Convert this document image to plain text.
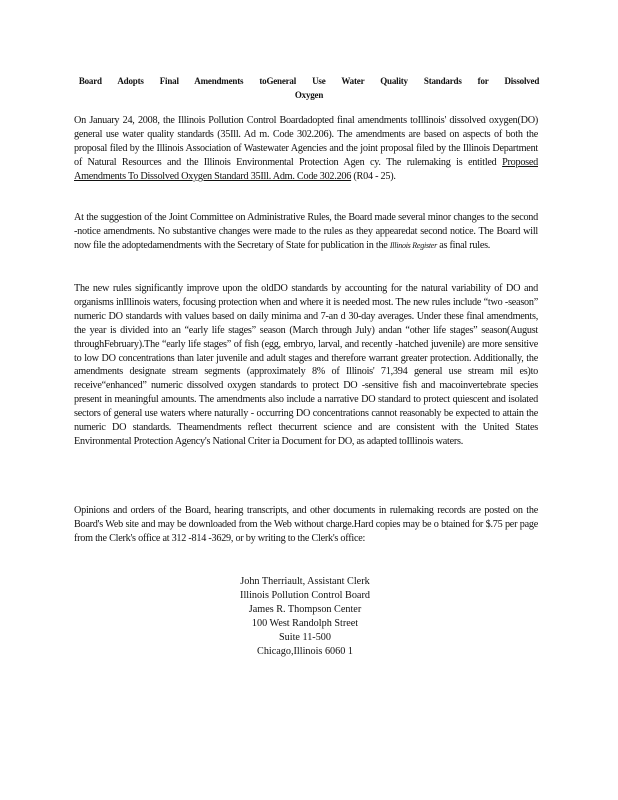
Board Adopts Final Amendments toGeneral Use Water Quality Standards for Dissolved Oxygen

On January 24, 2008, the Illinois Pollution Control Boardadopted final amendments toIllinois' dissolved oxygen(DO) general use water quality standards (35Ill. Ad m. Code 302.206). The amendments are based on aspects of both the proposal filed by the Illinois Association of Wastewater Agencies and the joint proposal filed by the Illinois Department of Natural Resources and the Illinois Environmental Protection Agen cy. The rulemaking is entitled Proposed Amendments To Dissolved Oxygen Standard 35Ill. Adm. Code 302.206 (R04 - 25).

At the suggestion of the Joint Committee on Administrative Rules, the Board made several minor changes to the second -notice amendments. No substantive changes were made to the rules as they appearedat second notice. The Board will now file the adoptedamendments with the Secretary of State for publication in the Illinois Register as final rules.

The new rules significantly improve upon the oldDO standards by accounting for the natural variability of DO and organisms inIllinois waters, focusing protection when and where it is needed most. The new rules include “two -season” numeric DO standards with values based on daily minima and 7-an d 30-day averages. Under these final amendments, the year is divided into an “early life stages” season (March through July) andan “other life stages” season(August throughFebruary).The “early life stages” of fish (egg, embryo, larval, and recently -hatched juvenile) are more sensitive to low DO concentrations than later juvenile and adult stages and therefore warrant greater protection. Additionally, the amendments designate stream segments (approximately 8% of Illinois' 71,394 general use stream mil es)to receive“enhanced” numeric dissolved oxygen standards to protect DO -sensitive fish and macoinvertebrate species present in meaningful amounts. The amendments also include a narrative DO standard to protect quiescent and isolated sectors of general use waters where naturally - occurring DO concentrations cannot reasonably be expected to attain the numeric DO standards. Theamendments reflect thecurrent science and are consistent with the United States Environmental Protection Agency's National Criter ia Document for DO, as adapted toIllinois waters.

Opinions and orders of the Board, hearing transcripts, and other documents in rulemaking records are posted on the Board's Web site and may be downloaded from the Web without charge.Hard copies may be o btained for $.75 per page from the Clerk's office at 312 -814 -3629, or by writing to the Clerk's office:

John Therriault, Assistant Clerk
Illinois Pollution Control Board
James R. Thompson Center
100 West Randolph Street
Suite 11-500
Chicago,Illinois 6060 1
